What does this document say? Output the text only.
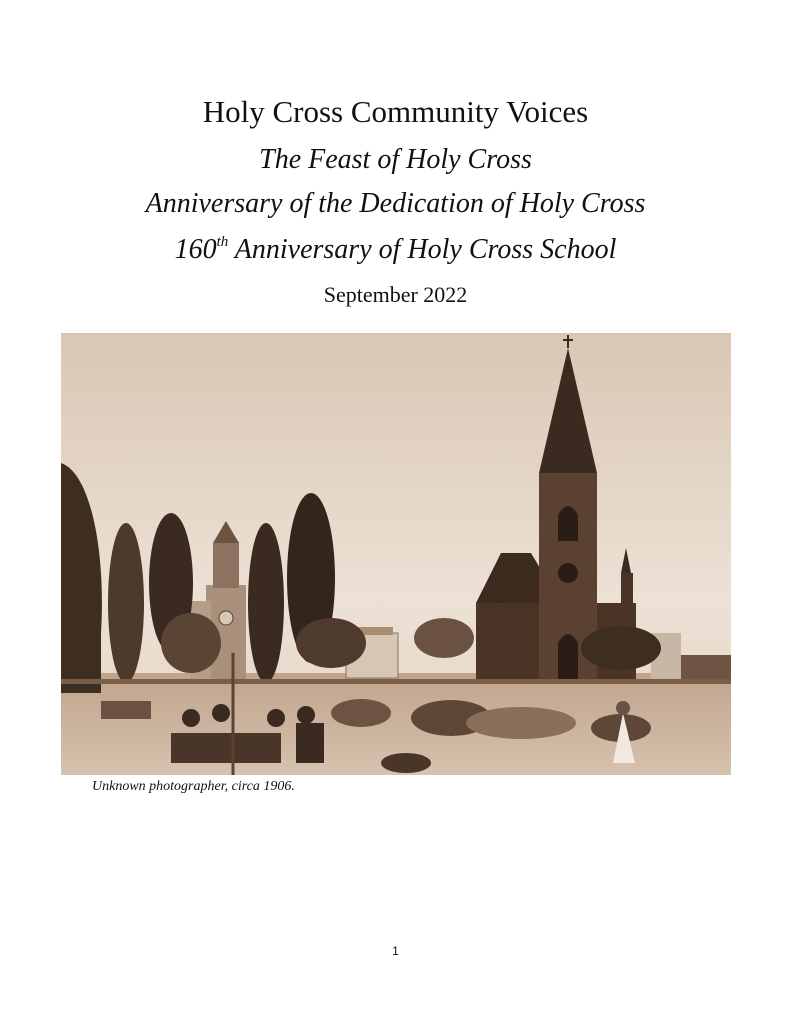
Holy Cross Community Voices
The Feast of Holy Cross
Anniversary of the Dedication of Holy Cross
160th Anniversary of Holy Cross School
September 2022
Unknown photographer, circa 1906.
1
